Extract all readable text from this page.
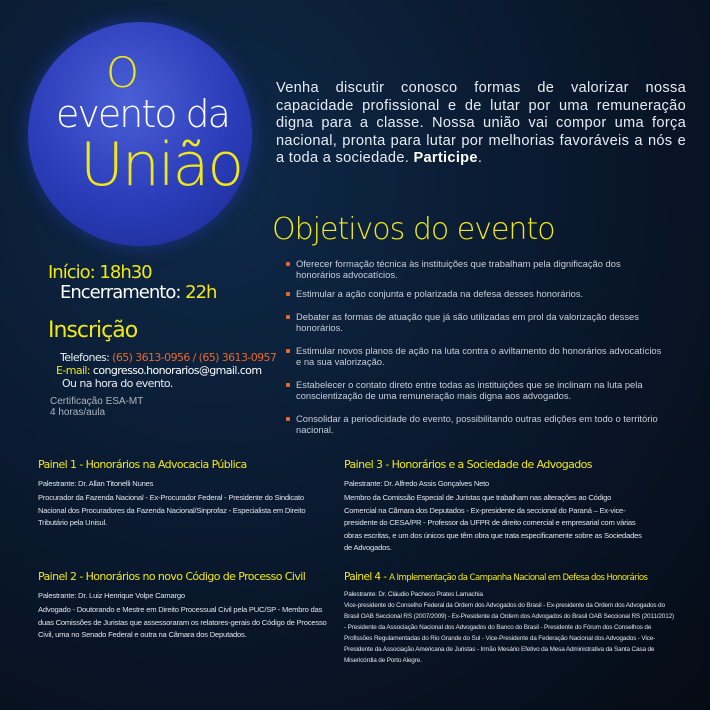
O
evento da
União

Venha discutir conosco formas de valorizar nossa capacidade profissional e de lutar por uma remuneração digna para a classe. Nossa união vai compor uma força nacional, pronta para lutar por melhorias favoráveis a nós e a toda a sociedade. Participe.

Objetivos do evento
Oferecer formação técnica às instituições que trabalham pela dignificação dos honorários advocatícios.
Estimular a ação conjunta e polarizada na defesa desses honorários.
Debater as formas de atuação que já são utilizadas em prol da valorização desses honorários.
Estimular novos planos de ação na luta contra o aviltamento do honorários advocatícios e na sua valorização.
Estabelecer o contato direto entre todas as instituições que se inclinam na luta pela conscientização de uma remuneração mais digna aos advogados.
Consolidar a periodicidade do evento, possibilitando outras edições em todo o território nacional.
Início: 18h30
Encerramento: 22h
Inscrição
Telefones: (65) 3613-0956 / (65) 3613-0957
E-mail: congresso.honorarios@gmail.com
Ou na hora do evento.
Certificação ESA-MT
4 horas/aula
Painel 1 - Honorários na Advocacia Pública
Palestrante: Dr. Allan Titonelli Nunes
Procurador da Fazenda Nacional - Ex-Procurador Federal - Presidente do Sindicato Nacional dos Procuradores da Fazenda Nacional/Sinprofaz - Especialista em Direito Tributário pela Unisul.
Painel 2 - Honorários no novo Código de Processo Civil
Palestrante: Dr. Luiz Henrique Volpe Camargo
Advogado - Doutorando e Mestre em Direito Processual Civil pela PUC/SP - Membro das duas Comissões de Juristas que assessoraram os relatores-gerais do Código de Processo Civil, uma no Senado Federal e outra na Câmara dos Deputados.
Painel 3 - Honorários e a Sociedade de Advogados
Palestrante: Dr. Alfredo Assis Gonçalves Neto
Membro da Comissão Especial de Juristas que trabalham nas alterações ao Código Comercial na Câmara dos Deputados - Ex-presidente da seccional do Paraná – Ex-vice-presidente do CESA/PR - Professor da UFPR de direito comercial e empresarial com várias obras escritas, e um dos únicos que têm obra que trata especificamente sobre as Sociedades de Advogados.
Painel 4 - A Implementação da Campanha Nacional em Defesa dos Honorários
Palestrante: Dr. Cláudio Pacheco Prates Lamachia
Vice-presidente do Conselho Federal da Ordem dos Advogados do Brasil - Ex-presidente da Ordem dos Advogados do Brasil OAB Seccional RS (2007/2009) - Ex-Presidente da Ordem dos Advogados do Brasil OAB Seccional RS (2011/2012) - Presidente da Associação Nacional dos Advogados do Banco do Brasil - Presidente do Fórum dos Conselhos de Profissões Regulamentadas do Rio Grande do Sul - Vice-Presidente da Federação Nacional dos Advogados - Vice-Presidente da Associação Americana de Juristas - Irmão Mesário Efetivo da Mesa Administrativa da Santa Casa de Misericórdia de Porto Alegre.
